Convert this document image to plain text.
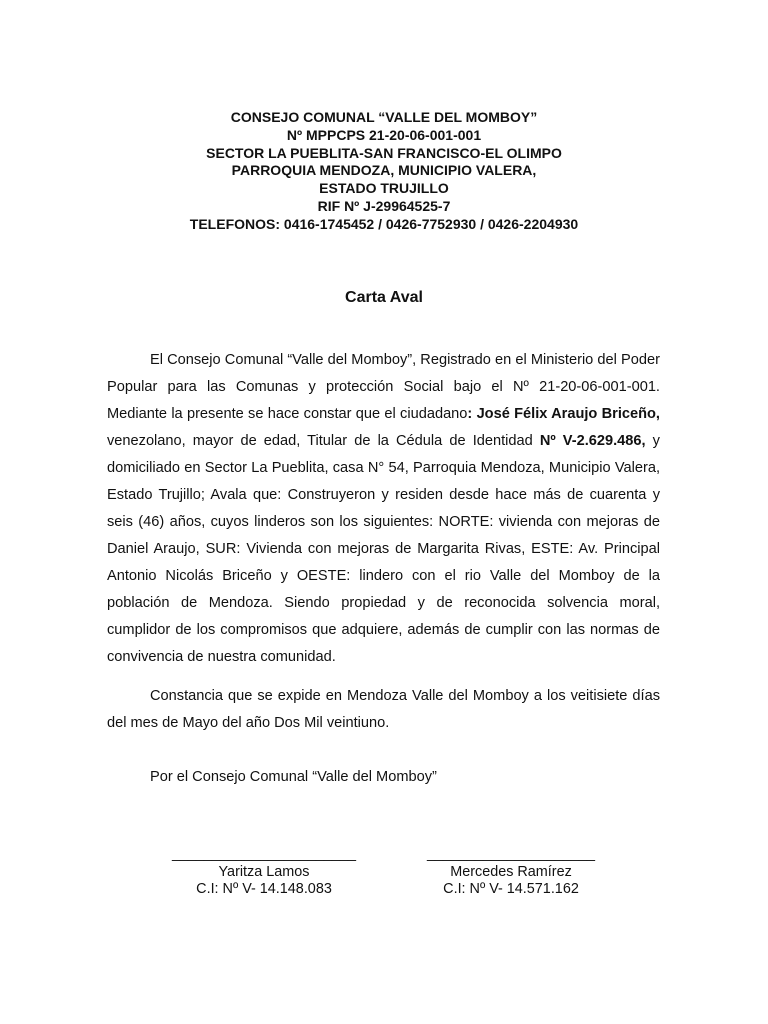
CONSEJO COMUNAL “VALLE DEL MOMBOY”
Nº MPPCPS 21-20-06-001-001
SECTOR LA PUEBLITA-SAN FRANCISCO-EL OLIMPO
PARROQUIA MENDOZA, MUNICIPIO VALERA,
ESTADO TRUJILLO
RIF Nº J-29964525-7
TELEFONOS: 0416-1745452 / 0426-7752930 / 0426-2204930
Carta Aval

El Consejo Comunal “Valle del Momboy”, Registrado en el Ministerio del Poder Popular para las Comunas y protección Social bajo el Nº 21-20-06-001-001. Mediante la presente se hace constar que el ciudadano: José Félix Araujo Briceño, venezolano, mayor de edad, Titular de la Cédula de Identidad Nº V-2.629.486, y domiciliado en Sector La Pueblita, casa N° 54, Parroquia Mendoza, Municipio Valera, Estado Trujillo; Avala que: Construyeron y residen desde hace más de cuarenta y seis (46) años, cuyos linderos son los siguientes: NORTE: vivienda con mejoras de Daniel Araujo, SUR: Vivienda con mejoras de Margarita Rivas, ESTE: Av. Principal Antonio Nicolás Briceño y OESTE: lindero con el rio Valle del Momboy de la población de Mendoza. Siendo propiedad y de reconocida solvencia moral, cumplidor de los compromisos que adquiere, además de cumplir con las normas de convivencia de nuestra comunidad.

Constancia que se expide en Mendoza Valle del Momboy a los veitisiete días del mes de Mayo del año Dos Mil veintiuno.

Por el Consejo Comunal “Valle del Momboy”

_______________________
Yaritza Lamos
C.I: Nº V- 14.148.083
_____________________
Mercedes Ramírez
C.I: Nº V- 14.571.162
